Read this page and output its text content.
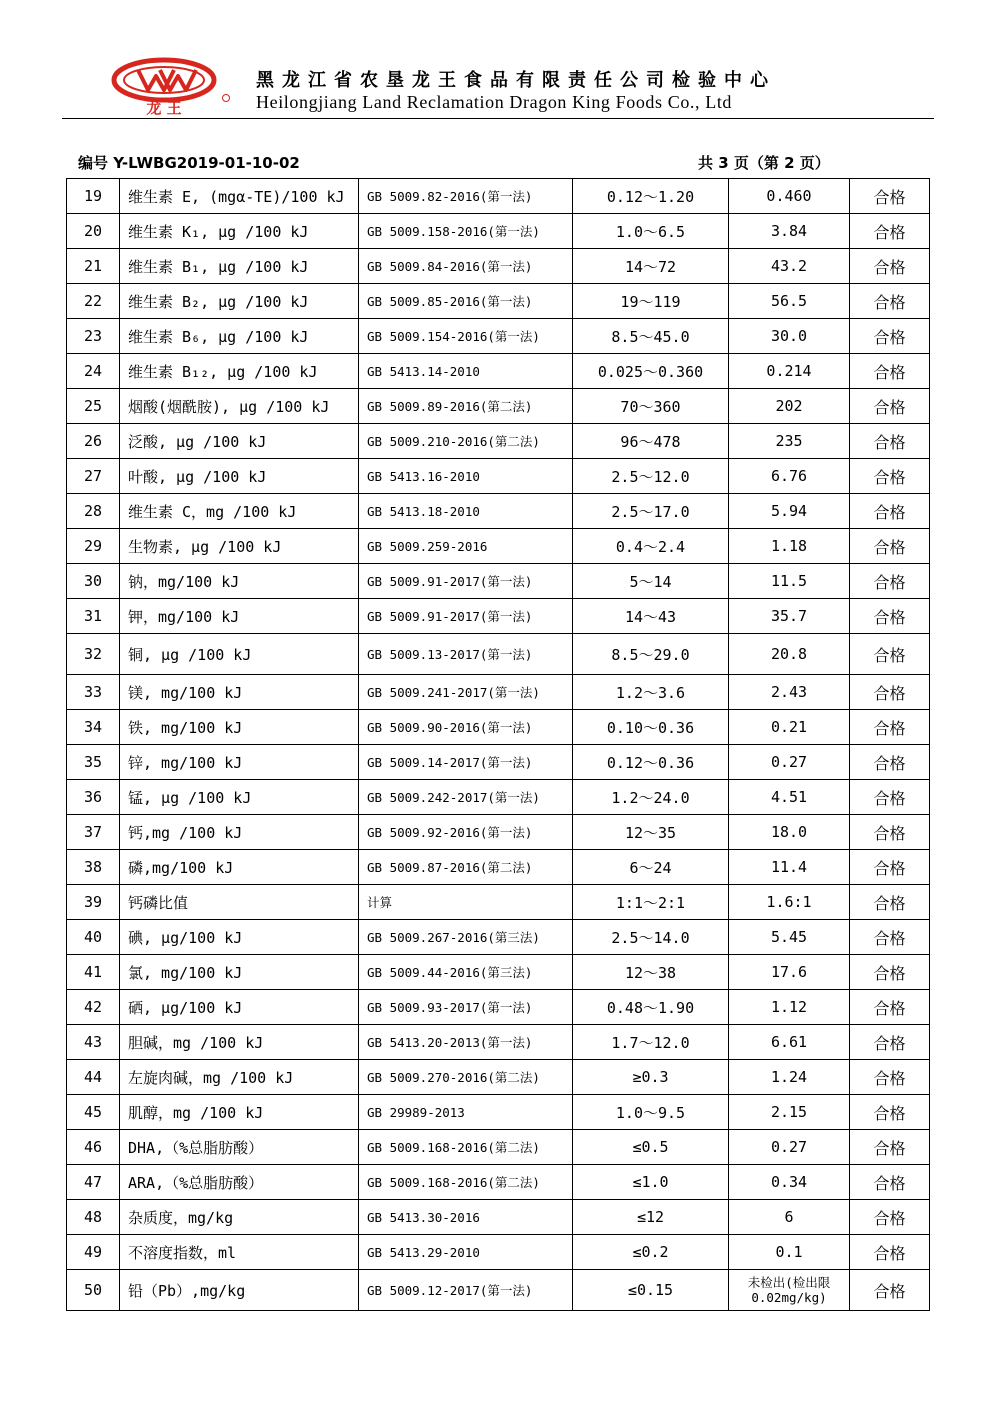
龙 王
黑龙江省农垦龙王食品有限责任公司检验中心
Heilongjiang Land Reclamation Dragon King Foods Co., Ltd
编号 Y-LWBG2019-01-10-02	共 3 页（第 2 页）
19	维生素 E, (mgα-TE)/100 kJ	GB 5009.82-2016(第一法)	0.12～1.20	0.460	合格
20	维生素 K₁, μg /100 kJ	GB 5009.158-2016(第一法)	1.0～6.5	3.84	合格
21	维生素 B₁, μg /100 kJ	GB 5009.84-2016(第一法)	14～72	43.2	合格
22	维生素 B₂, μg /100 kJ	GB 5009.85-2016(第一法)	19～119	56.5	合格
23	维生素 B₆, μg /100 kJ	GB 5009.154-2016(第一法)	8.5～45.0	30.0	合格
24	维生素 B₁₂, μg /100 kJ	GB 5413.14-2010	0.025～0.360	0.214	合格
25	烟酸(烟酰胺), μg /100 kJ	GB 5009.89-2016(第二法)	70～360	202	合格
26	泛酸, μg /100 kJ	GB 5009.210-2016(第二法)	96～478	235	合格
27	叶酸, μg /100 kJ	GB 5413.16-2010	2.5～12.0	6.76	合格
28	维生素 C，mg /100 kJ	GB 5413.18-2010	2.5～17.0	5.94	合格
29	生物素, μg /100 kJ	GB 5009.259-2016	0.4～2.4	1.18	合格
30	钠，mg/100 kJ	GB 5009.91-2017(第一法)	5～14	11.5	合格
31	钾，mg/100 kJ	GB 5009.91-2017(第一法)	14～43	35.7	合格
32	铜, μg /100 kJ	GB 5009.13-2017(第一法)	8.5～29.0	20.8	合格
33	镁, mg/100 kJ	GB 5009.241-2017(第一法)	1.2～3.6	2.43	合格
34	铁, mg/100 kJ	GB 5009.90-2016(第一法)	0.10～0.36	0.21	合格
35	锌, mg/100 kJ	GB 5009.14-2017(第一法)	0.12～0.36	0.27	合格
36	锰, μg /100 kJ	GB 5009.242-2017(第一法)	1.2～24.0	4.51	合格
37	钙,mg /100 kJ	GB 5009.92-2016(第一法)	12～35	18.0	合格
38	磷,mg/100 kJ	GB 5009.87-2016(第二法)	6～24	11.4	合格
39	钙磷比值	计算	1:1～2:1	1.6:1	合格
40	碘, μg/100 kJ	GB 5009.267-2016(第三法)	2.5～14.0	5.45	合格
41	氯, mg/100 kJ	GB 5009.44-2016(第三法)	12～38	17.6	合格
42	硒, μg/100 kJ	GB 5009.93-2017(第一法)	0.48～1.90	1.12	合格
43	胆碱，mg /100 kJ	GB 5413.20-2013(第一法)	1.7～12.0	6.61	合格
44	左旋肉碱，mg /100 kJ	GB 5009.270-2016(第二法)	≥0.3	1.24	合格
45	肌醇，mg /100 kJ	GB 29989-2013	1.0～9.5	2.15	合格
46	DHA,（%总脂肪酸）	GB 5009.168-2016(第二法)	≤0.5	0.27	合格
47	ARA,（%总脂肪酸）	GB 5009.168-2016(第二法)	≤1.0	0.34	合格
48	杂质度，mg/kg	GB 5413.30-2016	≤12	6	合格
49	不溶度指数，ml	GB 5413.29-2010	≤0.2	0.1	合格
50	铅（Pb）,mg/kg	GB 5009.12-2017(第一法)	≤0.15	未检出(检出限 0.02mg/kg)	合格
